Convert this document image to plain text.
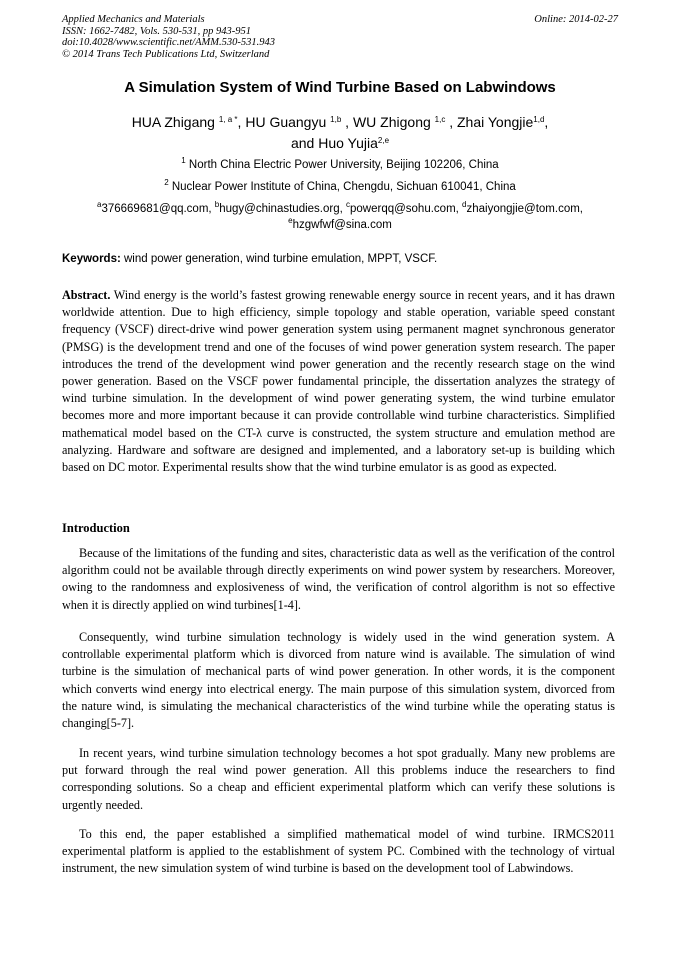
Applied Mechanics and Materials
ISSN: 1662-7482, Vols. 530-531, pp 943-951
doi:10.4028/www.scientific.net/AMM.530-531.943
© 2014 Trans Tech Publications Ltd, Switzerland
Online: 2014-02-27
A Simulation System of Wind Turbine Based on Labwindows
HUA Zhigang $^{1, a *}$, HU Guangyu $^{1,b}$ , WU Zhigong $^{1,c}$ , Zhai Yongjie$^{1,d}$,
and Huo Yujia$^{2,e}$
$^1$ North China Electric Power University, Beijing 102206, China
$^2$ Nuclear Power Institute of China, Chengdu, Sichuan 610041, China
$^a$376669681@qq.com, $^b$hugy@chinastudies.org, $^c$powerqq@sohu.com, $^d$zhaiyongjie@tom.com,
$^e$hzgwfwf@sina.com
Keywords: wind power generation, wind turbine emulation, MPPT, VSCF.
Abstract. Wind energy is the world’s fastest growing renewable energy source in recent years, and it has drawn worldwide attention. Due to high efficiency, simple topology and stable operation, variable speed constant frequency (VSCF) direct-drive wind power generation system using permanent magnet synchronous generator (PMSG) is the development trend and one of the focuses of wind power generation system research. The paper introduces the trend of the development wind power generation and the recently research stage on the wind power generation. Based on the VSCF power fundamental principle, the dissertation analyzes the strategy of wind turbine simulation. In the development of wind power generating system, the wind turbine emulator becomes more and more important because it can provide controllable wind turbine characteristics. Simplified mathematical model based on the CT-λ curve is constructed, the system structure and emulation method are analyzing. Hardware and software are designed and implemented, and a laboratory set-up is building which based on DC motor. Experimental results show that the wind turbine emulator is as good as expected.
Introduction
Because of the limitations of the funding and sites, characteristic data as well as the verification of the control algorithm could not be available through directly experiments on wind power system by researchers. Moreover, owing to the randomness and explosiveness of wind, the verification of control algorithm is not so effective when it is directly applied on wind turbines[1-4].
Consequently, wind turbine simulation technology is widely used in the wind generation system. A controllable experimental platform which is divorced from nature wind is available. The simulation of wind turbine is the simulation of mechanical parts of wind power generation. In other words, it is the component which converts wind energy into electrical energy. The main purpose of this simulation system, divorced from the nature wind, is simulating the mechanical characteristics of the wind turbine while the operating status is changing[5-7].
In recent years, wind turbine simulation technology becomes a hot spot gradually. Many new problems are put forward through the real wind power generation. All this problems induce the researchers to find corresponding solutions. So a cheap and efficient experimental platform which can verify these solutions is urgently needed.
To this end, the paper established a simplified mathematical model of wind turbine. IRMCS2011 experimental platform is applied to the establishment of system PC. Combined with the technology of virtual instrument, the new simulation system of wind turbine is based on the development tool of Labwindows.
